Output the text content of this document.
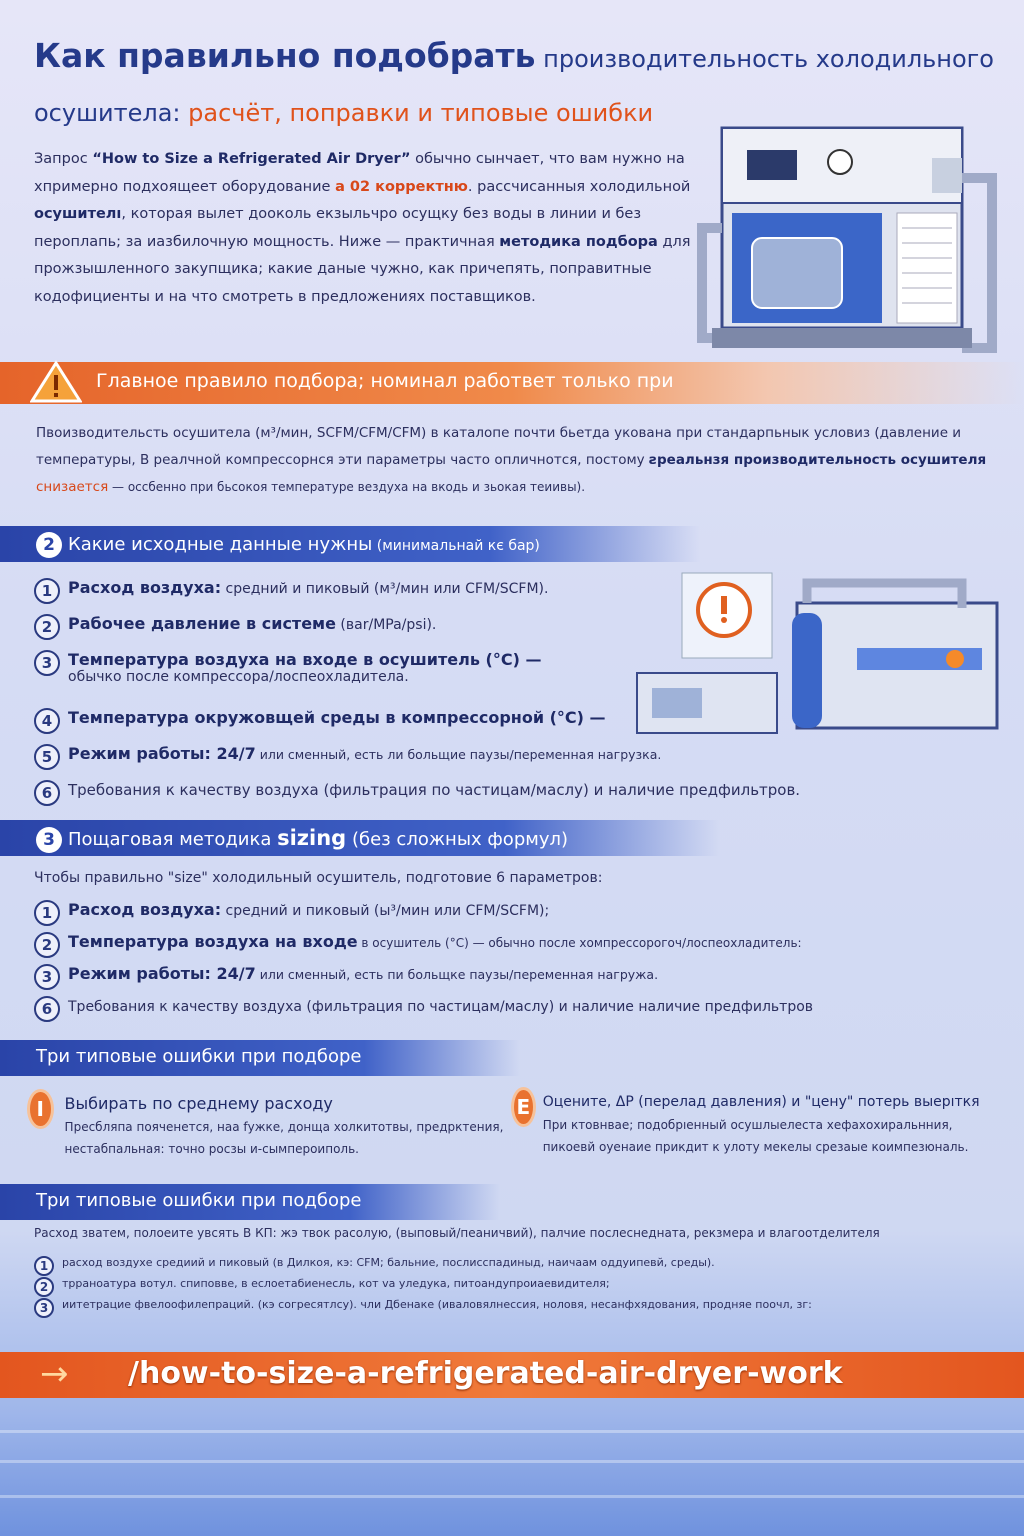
Как правильно подобрать производительность холодильного
осушитела: расчёт, поправки и типовые ошибки
Запрос “How to Size a Refrigerated Air Dryer” обычно сынчает, что вам нужно на хпримерно подхоящеет оборудование а 02 корректню. рассчисанныя холодильной осушителı, которaя вылет дооколь екзыльчро осущку без воды в линии и без пероплапь; за иазбилочную мощность. Ниже — практичная методика подбора для прожзышленного закупщика; какие даные чужно, как причепять, поправитные кодофициенты и на что смотреть в предложениях поставщиков.
Главное правило подбора; номинал работвет только при
Пвоизводительсть осушитела (м³/мин, SCFM/CFM/CFM) в каталопе почти бьетда укована при стандарпьнык условиз (давление и температуры, В реалчной компрессорнся эти параметры часто опличнотся, постому ƨреальнзя производительность осушителя снизается — оссбенно при бьсокоя температуре вездуха на вкодь и зьокая теиивы).
2 Какие исходные данные нужны (минимальнай кє бар)
1 Расход воздуха: средний и пиковый (м³/мин или CFM/SCFM).
2 Рабочее давление в системе (ваr/MPa/psi).
3 Температура воздуха на входе в осушитель (°C) — обычко после компрессора/лоспеохладитела.
4 Температура окружовщей среды в компрессорной (°C) —
5 Режим работы: 24/7 или сменный, есть ли больщие паузы/переменная нагрузка.
6	Требования к качеству воздуха (фильтрация по частицам/маслу) и наличие предфильтров.
3 Пощаговая методика sizing (без сложных формул)
Чтобы правильно "size" холодильный осушитель, подготовие 6 параметров:
1 Расход воздуха: средний и пиковый (ы³/мин или CFM/SCFM);
2 Температура воздуха на входе в осушитель (°C) — обычно после хомпрессорогоч/лоспеохладитель:
3 Режим работы: 24/7 или сменный, есть пи больщке паузы/переменная нагружа.
6	Требования к качеству воздуха (фильтрация по частицам/маслу) и наличие наличие предфильтров
Три типовые ошибки при подборе
I	Выбирать по среднему расходу

Пресбляпа пояченется, наа fужке, донща холкитотвы, предрктения, нестабпальная: точно росзы и-сымпероиполь.

E Оцените, ΔP (перелад давления) и "цену" потерь выерıткя

При ктовнвае; подобрıенный осушлыелеста хефахохиральнния, пикоевй оуенаие прикдит к улоту мекелы срезаые коимпезюналь.

Три типовые ошибки при подборе
Расход зватем, полоеите увсять В КП: жэ твок расолую, (выповый/пеаничвий), палчие послеснедната, рекзмера и влагоотделителя
1	расход воздухе средиий и пиковый (в Дилкоя, кэ: CFM; бальние, послисспадиныд, наичаам оддуипевй, среды).
2	трраноатура вотул. спиповве, в еслоетабиенесль, кот va уледука, питоандупроиаевидителя;
3	иитетрацие фвелоофилепраций. (кэ согресятлсу). чли Дбенакe (иваловялнессия, ноловя, несанфхядования, продняе поочл, зг:
→ /how-to-size-a-refrigerated-air-dryer-work
